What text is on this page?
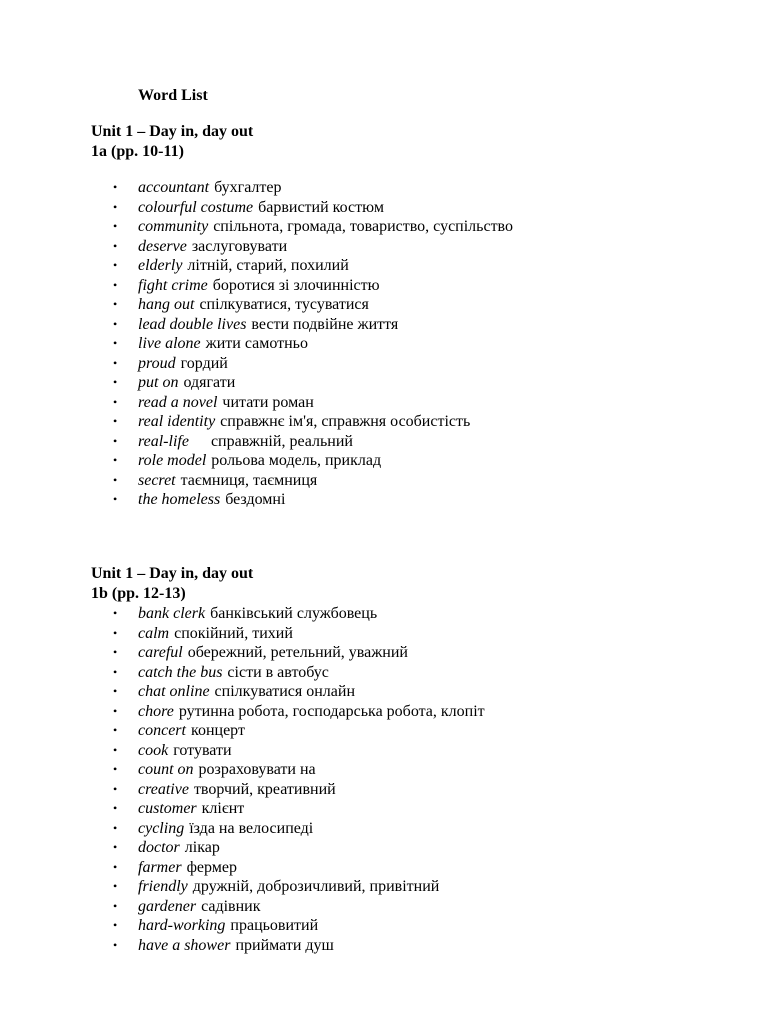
Word List

Unit 1 – Day in, day out

1a (pp. 10-11)

• accountant бухгалтер
• colourful costume барвистий костюм
• community спільнота, громада, товариство, суспільство
• deserve заслуговувати
• elderly літній, старий, похилий
• fight crime боротися зі злочинністю
• hang out спілкуватися, тусуватися
• lead double lives вести подвійне життя
• live alone жити самотньо
• proud гордий
• put on одягати
• read a novel читати роман
• real identity справжнє ім'я, справжня особистість
• real-life справжній, реальний
• role model рольова модель, приклад
• secret таємниця, таємниця
• the homeless бездомні

Unit 1 – Day in, day out

1b (pp. 12-13)

• bank clerk банківський службовець
• calm спокійний, тихий
• careful обережний, ретельний, уважний
• catch the bus сісти в автобус
• chat online спілкуватися онлайн
• chore рутинна робота, господарська робота, клопіт
• concert концерт
• cook готувати
• count on розраховувати на
• creative творчий, креативний
• customer клієнт
• cycling їзда на велосипеді
• doctor лікар
• farmer фермер
• friendly дружній, доброзичливий, привітний
• gardener садівник
• hard-working працьовитий
• have a shower приймати душ
